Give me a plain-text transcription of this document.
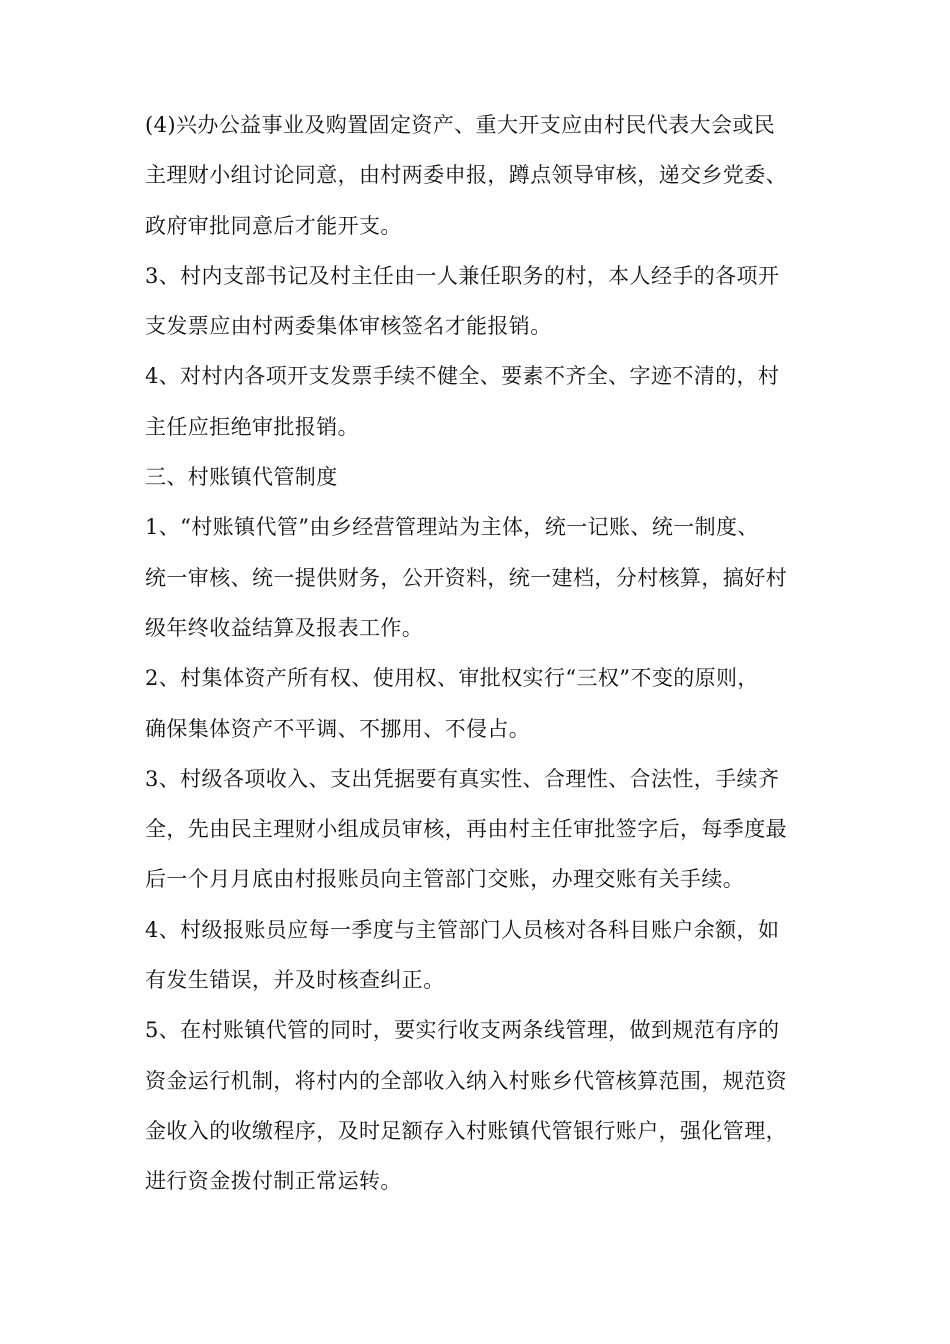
(4)兴办公益事业及购置固定资产、重大开支应由村民代表大会或民
主理财小组讨论同意，由村两委申报，蹲点领导审核，递交乡党委、
政府审批同意后才能开支。

3、村内支部书记及村主任由一人兼任职务的村，本人经手的各项开
支发票应由村两委集体审核签名才能报销。

4、对村内各项开支发票手续不健全、要素不齐全、字迹不清的，村
主任应拒绝审批报销。

三、村账镇代管制度

1、“村账镇代管”由乡经营管理站为主体，统一记账、统一制度、
统一审核、统一提供财务，公开资料，统一建档，分村核算，搞好村
级年终收益结算及报表工作。

2、村集体资产所有权、使用权、审批权实行“三权”不变的原则，
确保集体资产不平调、不挪用、不侵占。

3、村级各项收入、支出凭据要有真实性、合理性、合法性，手续齐
全，先由民主理财小组成员审核，再由村主任审批签字后，每季度最
后一个月月底由村报账员向主管部门交账，办理交账有关手续。

4、村级报账员应每一季度与主管部门人员核对各科目账户余额，如
有发生错误，并及时核查纠正。

5、在村账镇代管的同时，要实行收支两条线管理，做到规范有序的
资金运行机制，将村内的全部收入纳入村账乡代管核算范围，规范资
金收入的收缴程序，及时足额存入村账镇代管银行账户，强化管理，
进行资金拨付制正常运转。
